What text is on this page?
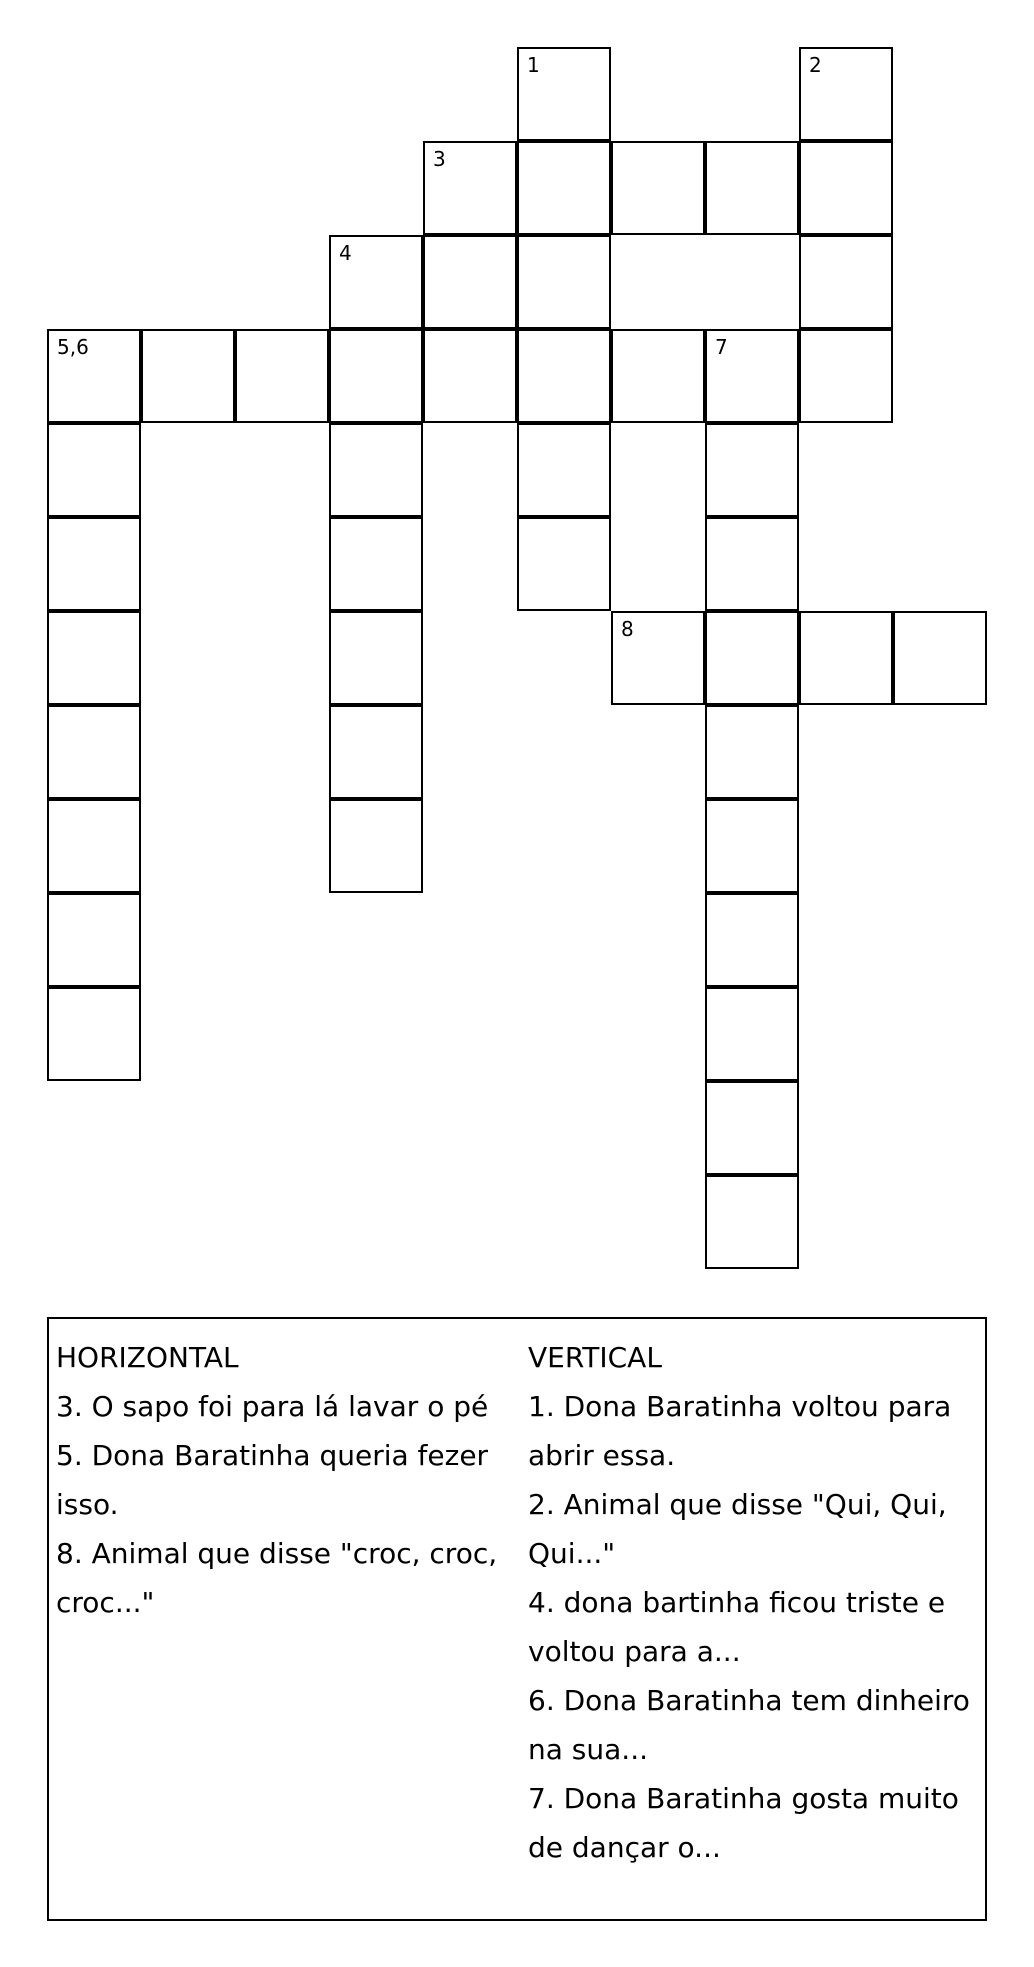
1	2
3
4
5,6	7
8
HORIZONTAL
3. O sapo foi para lá lavar o pé
5. Dona Baratinha queria fezer isso.
8. Animal que disse "croc, croc, croc..."
VERTICAL
1. Dona Baratinha voltou para abrir essa.
2. Animal que disse "Qui, Qui, Qui..."
4. dona bartinha ficou triste e voltou para a...
6. Dona Baratinha tem dinheiro na sua...
7. Dona Baratinha gosta muito de dançar o...
